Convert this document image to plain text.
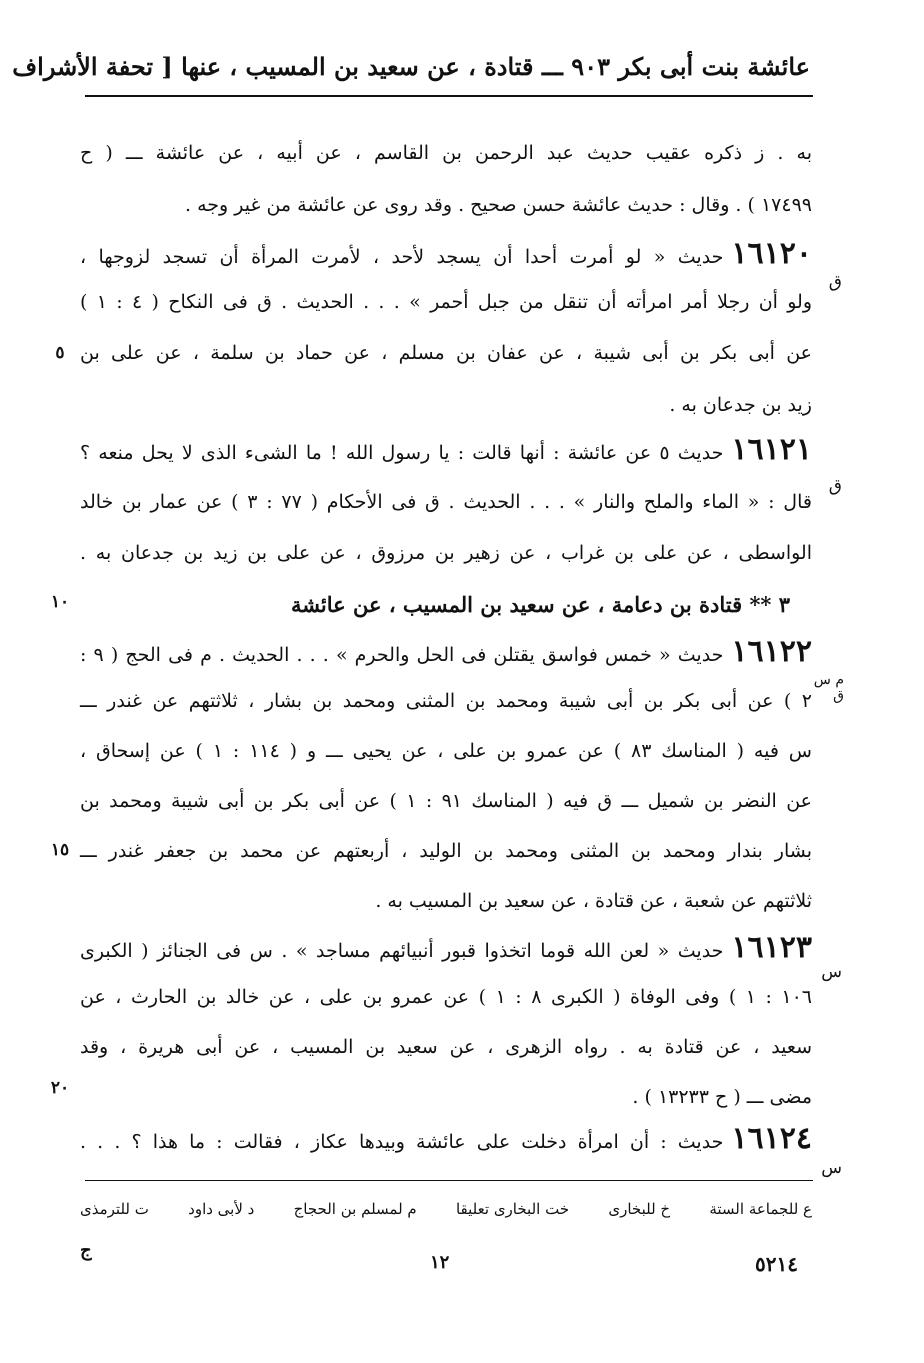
عائشة بنت أبى بكر ٩٠٣ ـــ قتادة ، عن سعيد بن المسيب ، عنها [ تحفة الأشراف
به . ز ذكره عقيب حديث عبد الرحمن بن القاسم ، عن أبيه ، عن عائشة ـــ ( ح
١٧٤٩٩ ) . وقال : حديث عائشة حسن صحيح . وقد روى عن عائشة من غير وجه .
١٦١٢٠حديث « لو أمرت أحدا أن يسجد لأحد ، لأمرت المرأة أن تسجد لزوجها ،
ق
ولو أن رجلا أمر امرأته أن تنقل من جبل أحمر » . . . الحديث . ق فى النكاح ( ٤ : ١ )
عن أبى بكر بن أبى شيبة ، عن عفان بن مسلم ، عن حماد بن سلمة ، عن على بن
٥
زيد بن جدعان به .
١٦١٢١حديث ٥ عن عائشة : أنها قالت : يا رسول الله ! ما الشىء الذى لا يحل منعه ؟
ق
قال : « الماء والملح والنار » . . . الحديث . ق فى الأحكام ( ٧٧ : ٣ ) عن عمار بن خالد
الواسطى ، عن على بن غراب ، عن زهير بن مرزوق ، عن على بن زيد بن جدعان به .
٣ ** قتادة بن دعامة ، عن سعيد بن المسيب ، عن عائشة
١٠
١٦١٢٢حديث « خمس فواسق يقتلن فى الحل والحرم » . . . الحديث . م فى الحج ( ٩ :
م س ق
٢ ) عن أبى بكر بن أبى شيبة ومحمد بن المثنى ومحمد بن بشار ، ثلاثتهم عن غندر ـــ
س فيه ( المناسك ٨٣ ) عن عمرو بن على ، عن يحيى ـــ و ( ١١٤ : ١ ) عن إسحاق ،
عن النضر بن شميل ـــ ق فيه ( المناسك ٩١ : ١ ) عن أبى بكر بن أبى شيبة ومحمد بن
بشار بندار ومحمد بن المثنى ومحمد بن الوليد ، أربعتهم عن محمد بن جعفر غندر ـــ
١٥
ثلاثتهم عن شعبة ، عن قتادة ، عن سعيد بن المسيب به .
١٦١٢٣حديث « لعن الله قوما اتخذوا قبور أنبيائهم مساجد » . س فى الجنائز ( الكبرى
س
١٠٦ : ١ ) وفى الوفاة ( الكبرى ٨ : ١ ) عن عمرو بن على ، عن خالد بن الحارث ، عن
سعيد ، عن قتادة به . رواه الزهرى ، عن سعيد بن المسيب ، عن أبى هريرة ، وقد
٢٠	مضى ـــ ( ح ١٣٢٣٣ ) .
١٦١٢٤حديث : أن امرأة دخلت على عائشة وبيدها عكاز ، فقالت : ما هذا ؟ . . .
س
ع للجماعة الستة
خ للبخارى
خت البخارى تعليقا
م لمسلم بن الحجاج
د لأبى داود
ت للترمذى
ج
١٢	٥٢١٤
